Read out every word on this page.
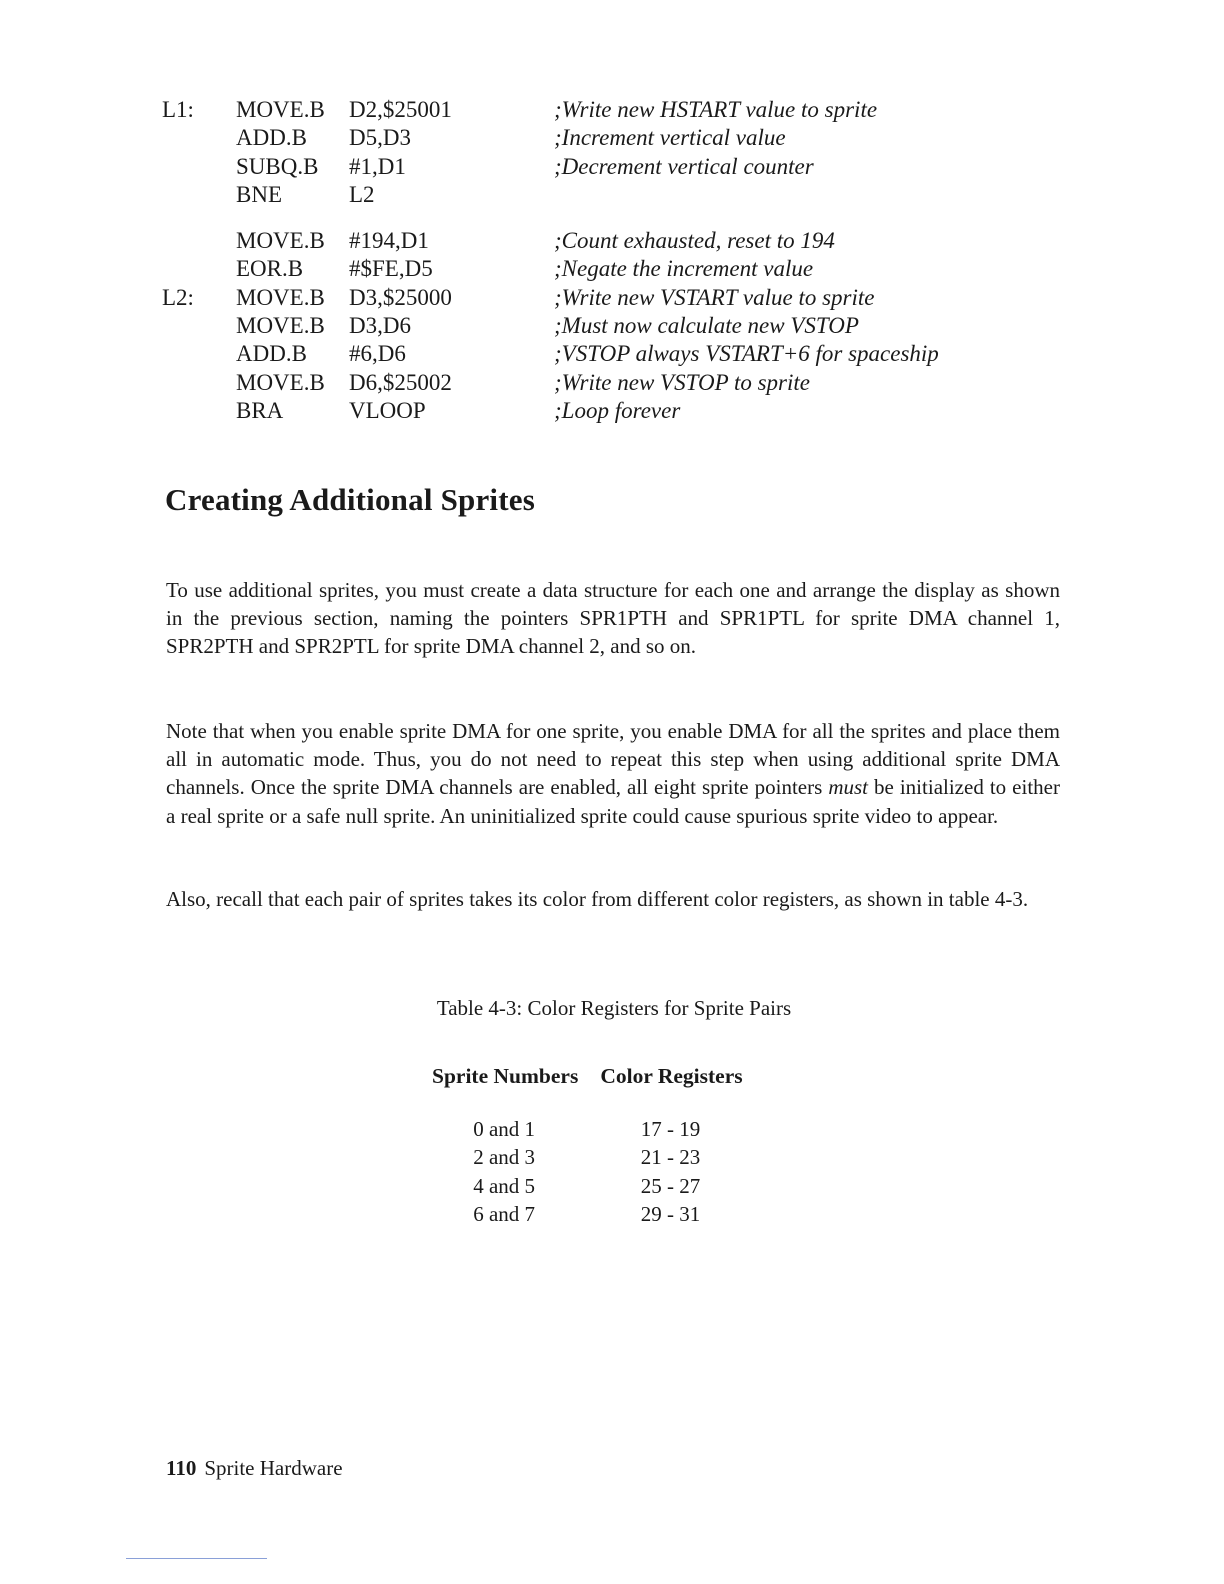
L1: MOVE.B D2,$25001	;Write new HSTART value to sprite
ADD.B D5,D3	;Increment vertical value
SUBQ.B #1,D1	;Decrement vertical counter
BNE	L2
MOVE.B #194,D1	;Count exhausted, reset to 194
EOR.B #$FE,D5	;Negate the increment value
L2: MOVE.B D3,$25000	;Write new VSTART value to sprite
MOVE.B D3,D6	;Must now calculate new VSTOP
ADD.B #6,D6	;VSTOP always VSTART+6 for spaceship
MOVE.B D6,$25002	;Write new VSTOP to sprite
BRA	VLOOP	;Loop forever
Creating Additional Sprites

To use additional sprites, you must create a data structure for each one and arrange the display as shown in the previous section, naming the pointers SPR1PTH and SPR1PTL for sprite DMA channel 1, SPR2PTH and SPR2PTL for sprite DMA channel 2, and so on.

Note that when you enable sprite DMA for one sprite, you enable DMA for all the sprites and place them all in automatic mode. Thus, you do not need to repeat this step when using additional sprite DMA channels. Once the sprite DMA channels are enabled, all eight sprite pointers must be initialized to either a real sprite or a safe null sprite. An uninitialized sprite could cause spurious sprite video to appear.

Also, recall that each pair of sprites takes its color from different color registers, as shown in table 4-3.

Table 4-3: Color Registers for Sprite Pairs

Sprite Numbers	Color Registers
0 and 1	17 - 19
2 and 3	21 - 23
4 and 5	25 - 27
6 and 7	29 - 31
110 Sprite Hardware
